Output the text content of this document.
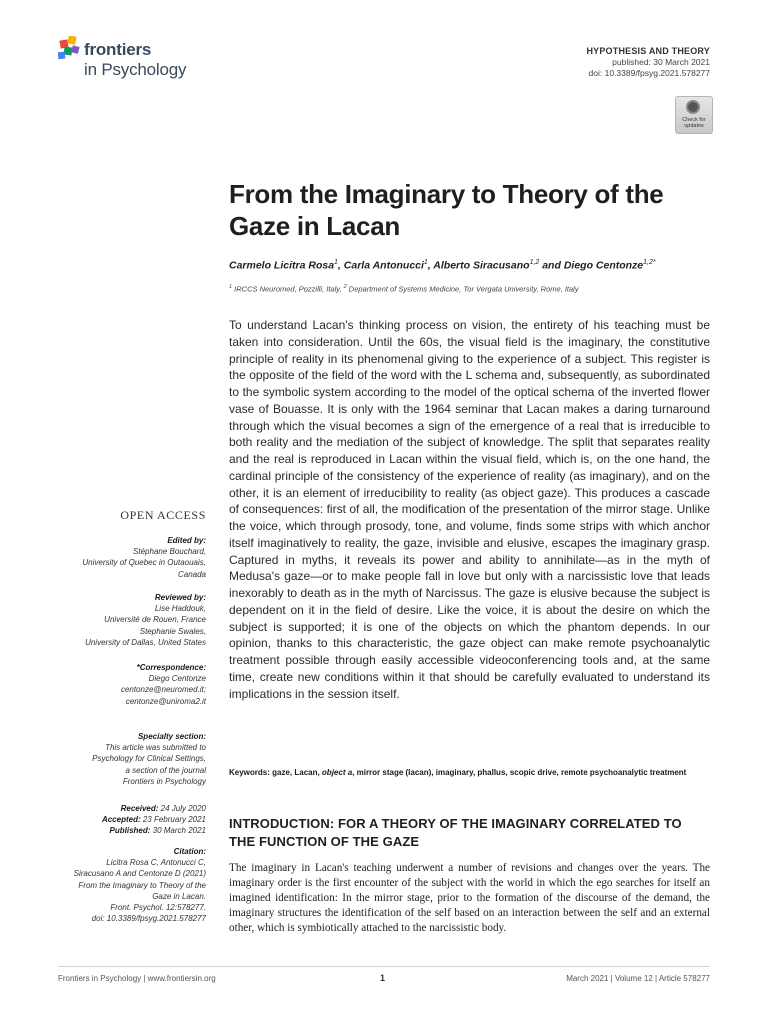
frontiers
in Psychology
HYPOTHESIS AND THEORY
published: 30 March 2021
doi: 10.3389/fpsyg.2021.578277
Check for updates
From the Imaginary to Theory of the Gaze in Lacan
Carmelo Licitra Rosa$^1$, Carla Antonucci$^1$, Alberto Siracusano$^{1,2}$ and Diego Centonze$^{1,2*}$
$^1$ IRCCS Neuromed, Pozzilli, Italy, $^2$ Department of Systems Medicine, Tor Vergata University, Rome, Italy
To understand Lacan's thinking process on vision, the entirety of his teaching must be taken into consideration. Until the 60s, the visual field is the imaginary, the constitutive principle of reality in its phenomenal giving to the experience of a subject. This register is the opposite of the field of the word with the L schema and, subsequently, as subordinated to the symbolic system according to the model of the optical schema of the inverted flower vase of Bouasse. It is only with the 1964 seminar that Lacan makes a daring turnaround through which the visual becomes a sign of the emergence of a real that is irreducible to both reality and the mediation of the subject of knowledge. The split that separates reality and the real is reproduced in Lacan within the visual field, which is, on the one hand, the cardinal principle of the consistency of the experience of reality (as imaginary), and on the other, it is an element of irreducibility to reality (as object gaze). This produces a cascade of consequences: first of all, the modification of the presentation of the mirror stage. Unlike the voice, which through prosody, tone, and volume, finds some strips with which anchor itself imaginatively to reality, the gaze, invisible and elusive, escapes the imaginary grasp. Captured in myths, it reveals its power and ability to annihilate—as in the myth of Medusa's gaze—or to make people fall in love but only with a narcissistic love that leads inexorably to death as in the myth of Narcissus. The gaze is elusive because the subject is dependent on it in the field of desire. Like the voice, it is about the desire on which the subject is supported; it is one of the objects on which the phantom depends. In our opinion, thanks to this characteristic, the gaze object can make remote psychoanalytic treatment possible through easily accessible videoconferencing tools and, at the same time, create new conditions within it that should be carefully evaluated to understand its implications in the session itself.
Keywords: gaze, Lacan, object a, mirror stage (lacan), imaginary, phallus, scopic drive, remote psychoanalytic treatment
INTRODUCTION: FOR A THEORY OF THE IMAGINARY CORRELATED TO THE FUNCTION OF THE GAZE
The imaginary in Lacan's teaching underwent a number of revisions and changes over the years. The imaginary order is the first encounter of the subject with the world in which the ego searches for itself an imagined identification: In the mirror stage, prior to the formation of the discourse of the demand, the imaginary structures the identification of the self based on an interaction between the self and an external other, which is symbiotically attached to the narcissistic body.
OPEN ACCESS
Edited by:
Stéphane Bouchard,
University of Quebec in Outaouais,
Canada
Reviewed by:
Lise Haddouk,
Université de Rouen, France
Stephanie Swales,
University of Dallas, United States
*Correspondence:
Diego Centonze
centonze@neuromed.it;
centonze@uniroma2.it
Specialty section:
This article was submitted to
Psychology for Clinical Settings,
a section of the journal
Frontiers in Psychology
Received: 24 July 2020
Accepted: 23 February 2021
Published: 30 March 2021
Citation:
Licitra Rosa C, Antonucci C,
Siracusano A and Centonze D (2021)
From the Imaginary to Theory of the
Gaze in Lacan.
Front. Psychol. 12:578277.
doi: 10.3389/fpsyg.2021.578277
Frontiers in Psychology | www.frontiersin.org	1	March 2021 | Volume 12 | Article 578277
